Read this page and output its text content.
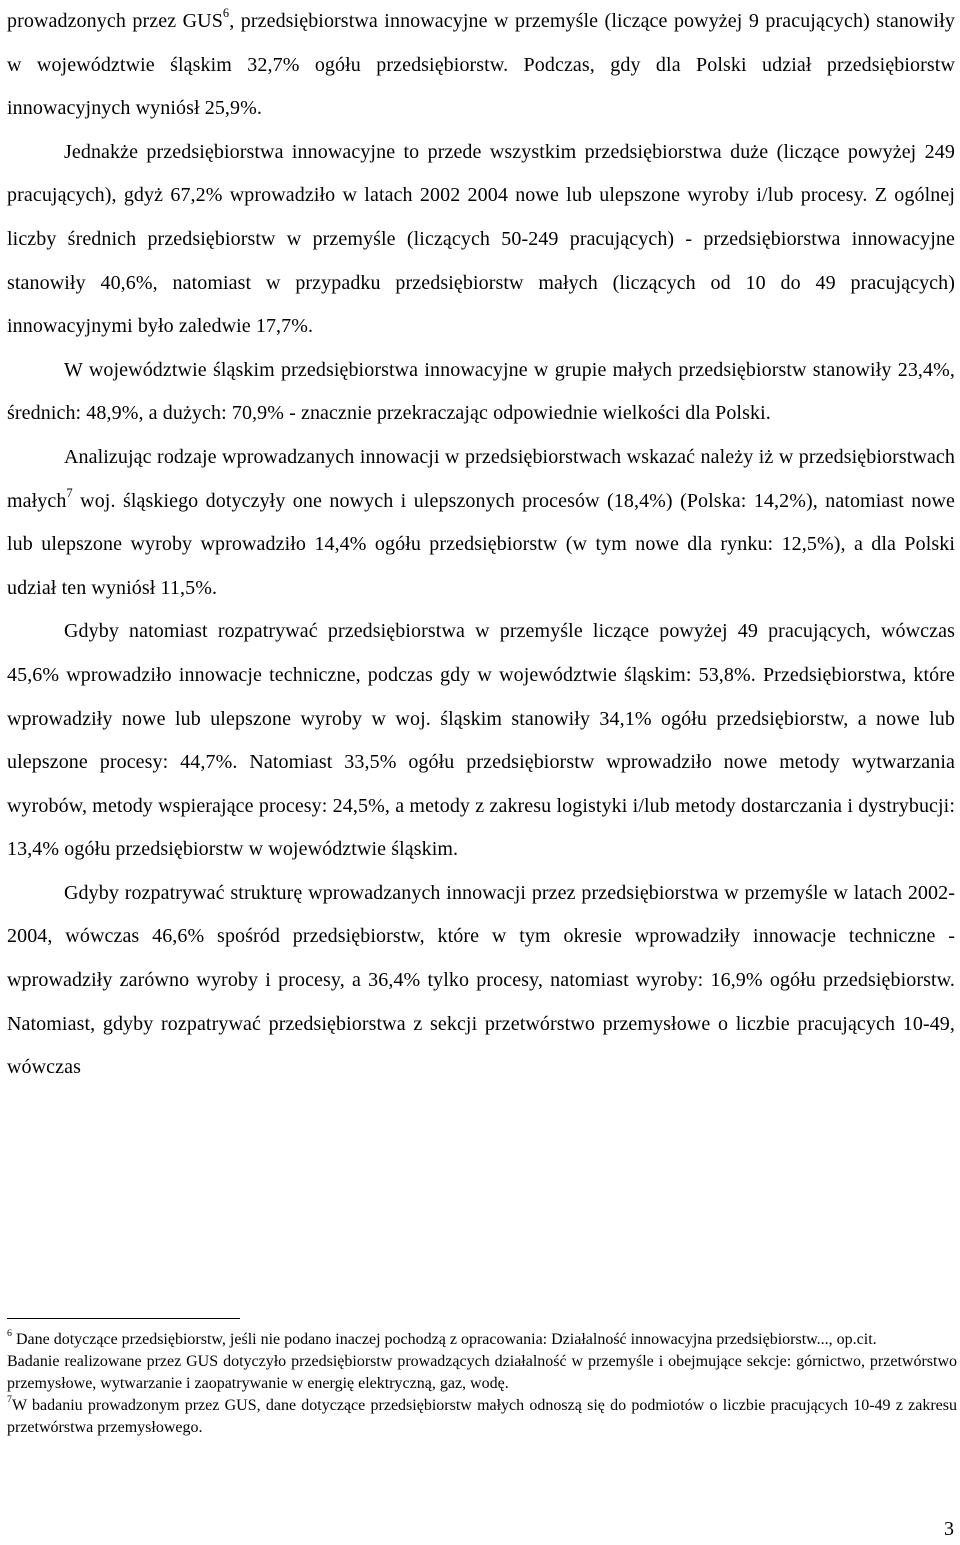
prowadzonych przez GUS$^6$, przedsiębiorstwa innowacyjne w przemyśle (liczące powyżej 9 pracujących) stanowiły w województwie śląskim 32,7% ogółu przedsiębiorstw. Podczas, gdy dla Polski udział przedsiębiorstw innowacyjnych wyniósł 25,9%.

Jednakże przedsiębiorstwa innowacyjne to przede wszystkim przedsiębiorstwa duże (liczące powyżej 249 pracujących), gdyż 67,2% wprowadziło w latach 2002 2004 nowe lub ulepszone wyroby i/lub procesy. Z ogólnej liczby średnich przedsiębiorstw w przemyśle (liczących 50-249 pracujących) - przedsiębiorstwa innowacyjne stanowiły 40,6%, natomiast w przypadku przedsiębiorstw małych (liczących od 10 do 49 pracujących) innowacyjnymi było zaledwie 17,7%.

W województwie śląskim przedsiębiorstwa innowacyjne w grupie małych przedsiębiorstw stanowiły 23,4%, średnich: 48,9%, a dużych: 70,9% - znacznie przekraczając odpowiednie wielkości dla Polski.

Analizując rodzaje wprowadzanych innowacji w przedsiębiorstwach wskazać należy iż w przedsiębiorstwach małych$^7$ woj. śląskiego dotyczyły one nowych i ulepszonych procesów (18,4%) (Polska: 14,2%), natomiast nowe lub ulepszone wyroby wprowadziło 14,4% ogółu przedsiębiorstw (w tym nowe dla rynku: 12,5%), a dla Polski udział ten wyniósł 11,5%.

Gdyby natomiast rozpatrywać przedsiębiorstwa w przemyśle liczące powyżej 49 pracujących, wówczas 45,6% wprowadziło innowacje techniczne, podczas gdy w województwie śląskim: 53,8%. Przedsiębiorstwa, które wprowadziły nowe lub ulepszone wyroby w woj. śląskim stanowiły 34,1% ogółu przedsiębiorstw, a nowe lub ulepszone procesy: 44,7%. Natomiast 33,5% ogółu przedsiębiorstw wprowadziło nowe metody wytwarzania wyrobów, metody wspierające procesy: 24,5%, a metody z zakresu logistyki i/lub metody dostarczania i dystrybucji: 13,4% ogółu przedsiębiorstw w województwie śląskim.

Gdyby rozpatrywać strukturę wprowadzanych innowacji przez przedsiębiorstwa w przemyśle w latach 2002-2004, wówczas 46,6% spośród przedsiębiorstw, które w tym okresie wprowadziły innowacje techniczne - wprowadziły zarówno wyroby i procesy, a 36,4% tylko procesy, natomiast wyroby: 16,9% ogółu przedsiębiorstw. Natomiast, gdyby rozpatrywać przedsiębiorstwa z sekcji przetwórstwo przemysłowe o liczbie pracujących 10-49, wówczas

$^6$ Dane dotyczące przedsiębiorstw, jeśli nie podano inaczej pochodzą z opracowania: Działalność innowacyjna przedsiębiorstw..., op.cit.

Badanie realizowane przez GUS dotyczyło przedsiębiorstw prowadzących działalność w przemyśle i obejmujące sekcje: górnictwo, przetwórstwo przemysłowe, wytwarzanie i zaopatrywanie w energię elektryczną, gaz, wodę.

$^7$W badaniu prowadzonym przez GUS, dane dotyczące przedsiębiorstw małych odnoszą się do podmiotów o liczbie pracujących 10-49 z zakresu przetwórstwa przemysłowego.

3
